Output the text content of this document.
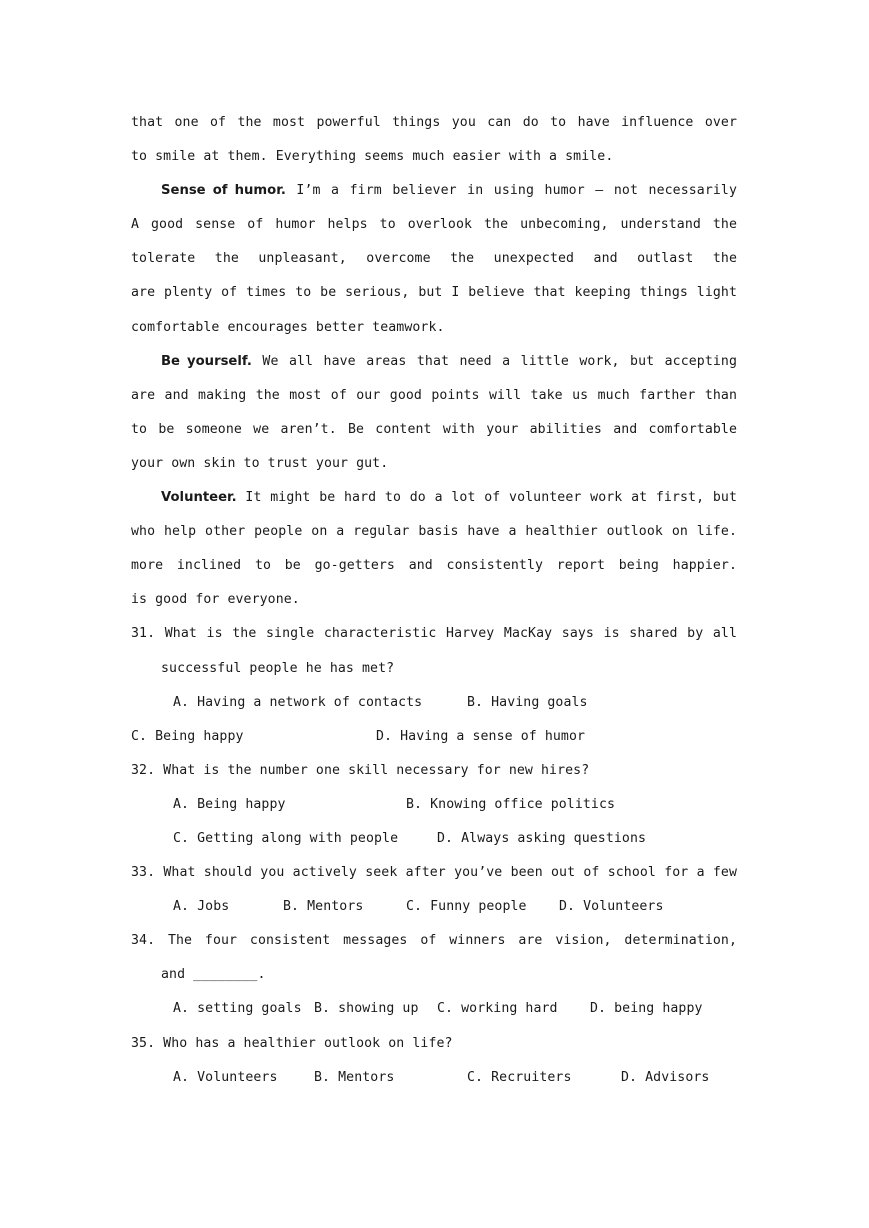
that one of the most powerful things you can do to have influence over
to smile at them. Everything seems much easier with a smile.
Sense of humor. I’m a firm believer in using humor – not necessarily
A good sense of humor helps to overlook the unbecoming, understand the
tolerate the unpleasant, overcome the unexpected and outlast the
are plenty of times to be serious, but I believe that keeping things light
comfortable encourages better teamwork.
Be yourself. We all have areas that need a little work, but accepting
are and making the most of our good points will take us much farther than
to be someone we aren’t. Be content with your abilities and comfortable
your own skin to trust your gut.
Volunteer. It might be hard to do a lot of volunteer work at first, but
who help other people on a regular basis have a healthier outlook on life.
more inclined to be go-getters and consistently report being happier.
is good for everyone.
31. What is the single characteristic Harvey MacKay says is shared by all
successful people he has met?
A. Having a network of contacts	B. Having goals
C. Being happy	D. Having a sense of humor
32. What is the number one skill necessary for new hires?
A. Being happy	B. Knowing office politics
C. Getting along with people	D. Always asking questions
33. What should you actively seek after you’ve been out of school for a few
A. Jobs	B. Mentors	C. Funny people D. Volunteers
34. The four consistent messages of winners are vision, determination,
and ________.
A. setting goals B. showing up C. working hard D. being happy
35. Who has a healthier outlook on life?
A. Volunteers	B. Mentors	C. Recruiters	D. Advisors
